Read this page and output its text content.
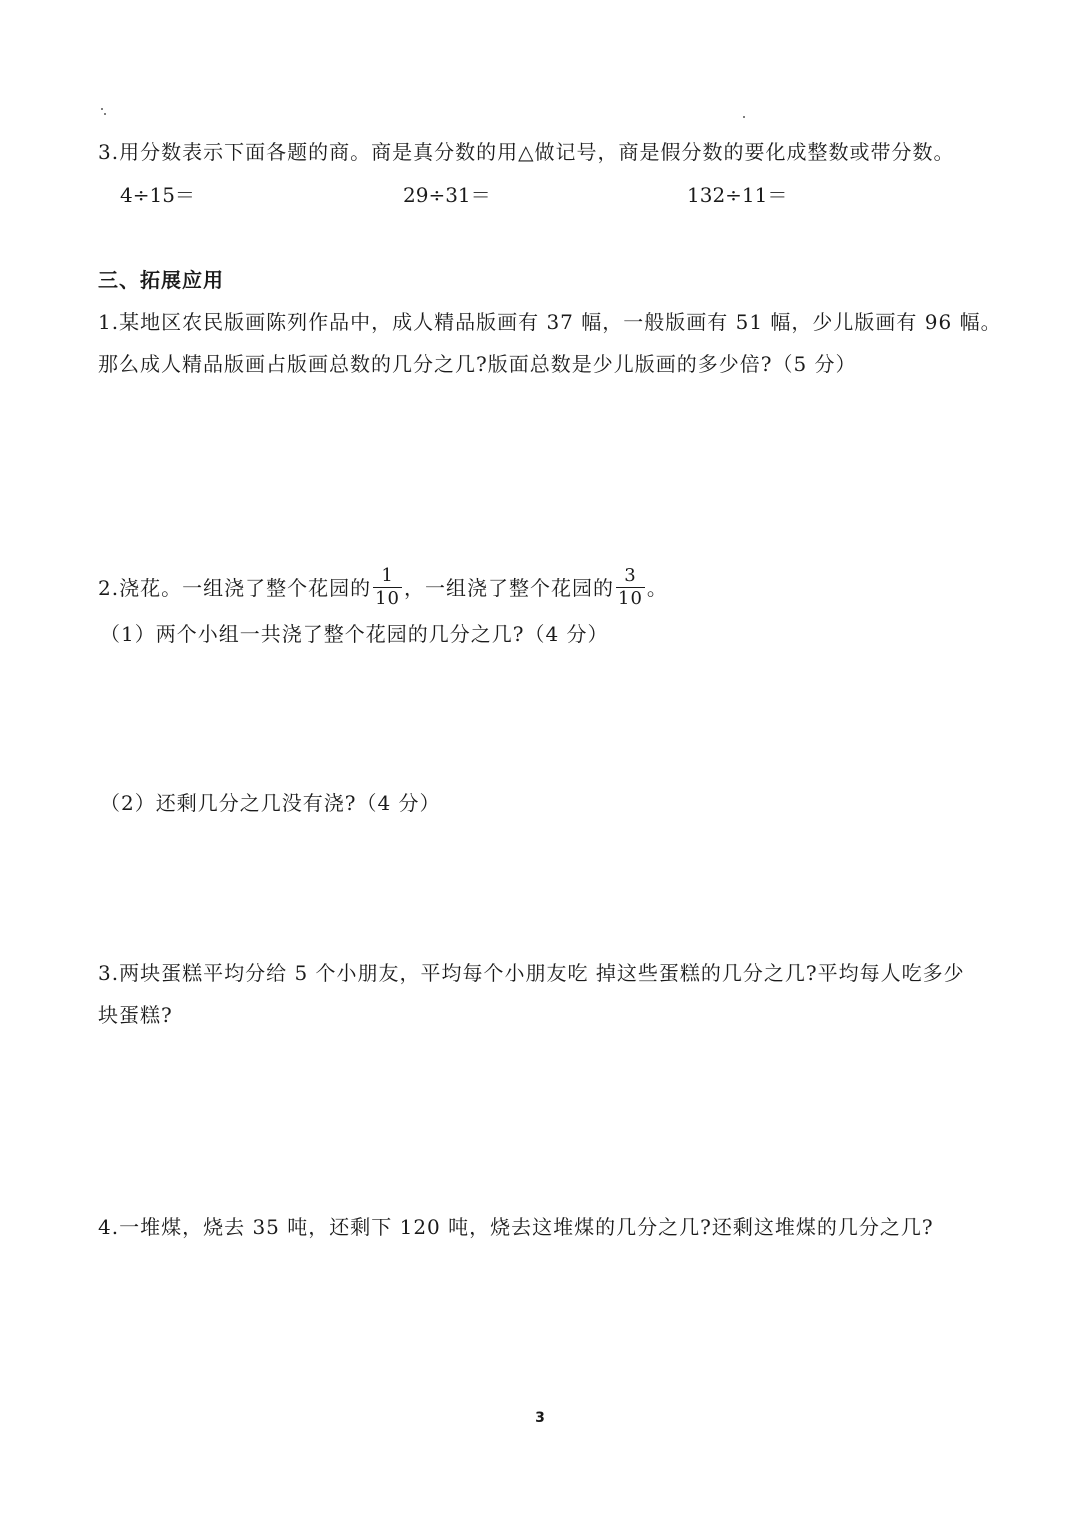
3.用分数表示下面各题的商。商是真分数的用△做记号，商是假分数的要化成整数或带分数。
4÷15＝	29÷31＝	132÷11＝
三、拓展应用
1.某地区农民版画陈列作品中，成人精品版画有 37 幅，一般版画有 51 幅，少儿版画有 96 幅。
那么成人精品版画占版画总数的几分之几?版面总数是少儿版画的多少倍?（5 分）
2.浇花。一组浇了整个花园的 $\frac{1}{10}$ ，一组浇了整个花园的 $\frac{3}{10}$ 。
（1）两个小组一共浇了整个花园的几分之几?（4 分）
（2）还剩几分之几没有浇?（4 分）
3.两块蛋糕平均分给 5 个小朋友，平均每个小朋友吃 掉这些蛋糕的几分之几?平均每人吃多少
块蛋糕?
4.一堆煤，烧去 35 吨，还剩下 120 吨，烧去这堆煤的几分之几?还剩这堆煤的几分之几?
3
